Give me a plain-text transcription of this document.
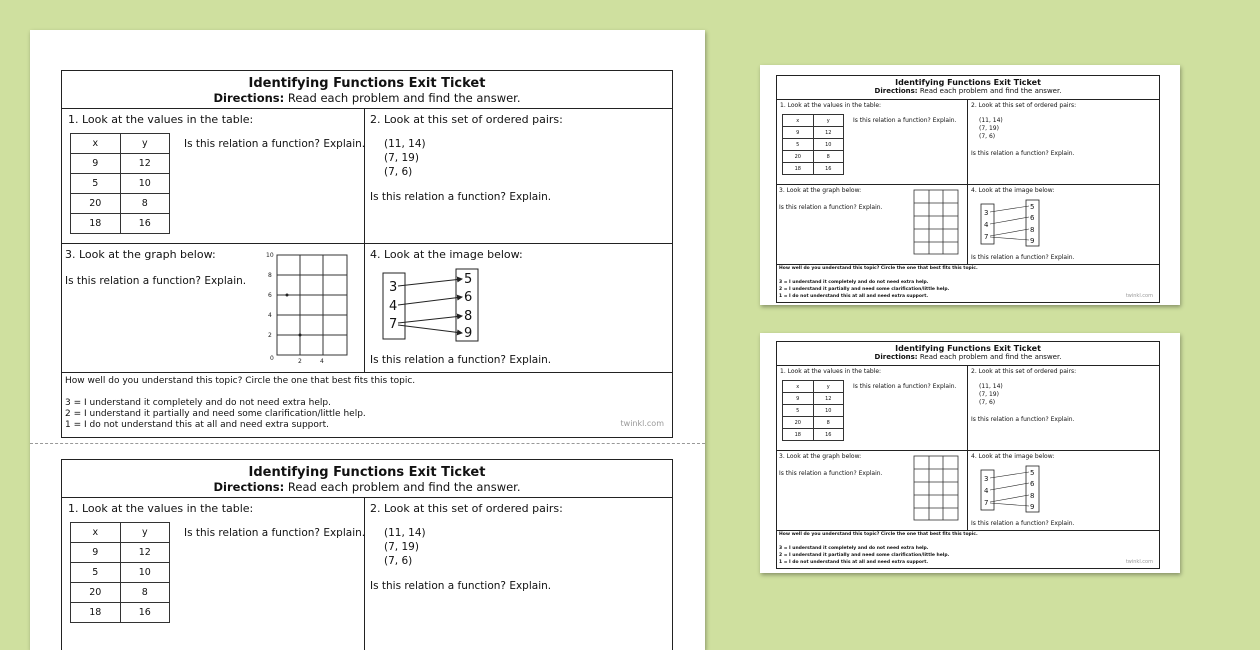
Identifying Functions Exit Ticket
Directions: Read each problem and find the answer.
1. Look at the values in the table:
x	y
9	12
5	10
20	8
18	16
Is this relation a function? Explain.
2. Look at this set of ordered pairs:
(11, 14)
(7, 19)
(7, 6)
Is this relation a function? Explain.
3. Look at the graph below:
Is this relation a function? Explain.
10
8
6
4
2
0	2	4
4. Look at the image below:
3
4
7
5
6
8
9
Is this relation a function? Explain.
How well do you understand this topic? Circle the one that best fits this topic.
3 = I understand it completely and do not need extra help.
2 = I understand it partially and need some clarification/little help.
1 = I do not understand this at all and need extra support.	twinkl.com
Identifying Functions Exit Ticket
Directions: Read each problem and find the answer.
1. Look at the values in the table:
x	y
9	12
5	10
20	8
18	16
Is this relation a function? Explain.
2. Look at this set of ordered pairs:
(11, 14)
(7, 19)
(7, 6)
Is this relation a function? Explain.
Identifying Functions Exit Ticket
Directions: Read each problem and find the answer.
1. Look at the values in the table:
x	y
9	12
5	10
20	8
18	16
Is this relation a function? Explain.
2. Look at this set of ordered pairs:
(11, 14)
(7, 19)
(7, 6)
Is this relation a function? Explain.
3. Look at the graph below:
Is this relation a function? Explain.
4. Look at the image below:
3
4
7
5
6
8
9
Is this relation a function? Explain.
How well do you understand this topic? Circle the one that best fits this topic.
3 = I understand it completely and do not need extra help.
2 = I understand it partially and need some clarification/little help.
1 = I do not understand this at all and need extra support.	twinkl.com
Identifying Functions Exit Ticket
Directions: Read each problem and find the answer.
1. Look at the values in the table:
x	y
9	12
5	10
20	8
18	16
Is this relation a function? Explain.
2. Look at this set of ordered pairs:
(11, 14)
(7, 19)
(7, 6)
Is this relation a function? Explain.
3. Look at the graph below:
Is this relation a function? Explain.
4. Look at the image below:
3
4
7
5
6
8
9
Is this relation a function? Explain.
How well do you understand this topic? Circle the one that best fits this topic.
3 = I understand it completely and do not need extra help.
2 = I understand it partially and need some clarification/little help.
1 = I do not understand this at all and need extra support.	twinkl.com
